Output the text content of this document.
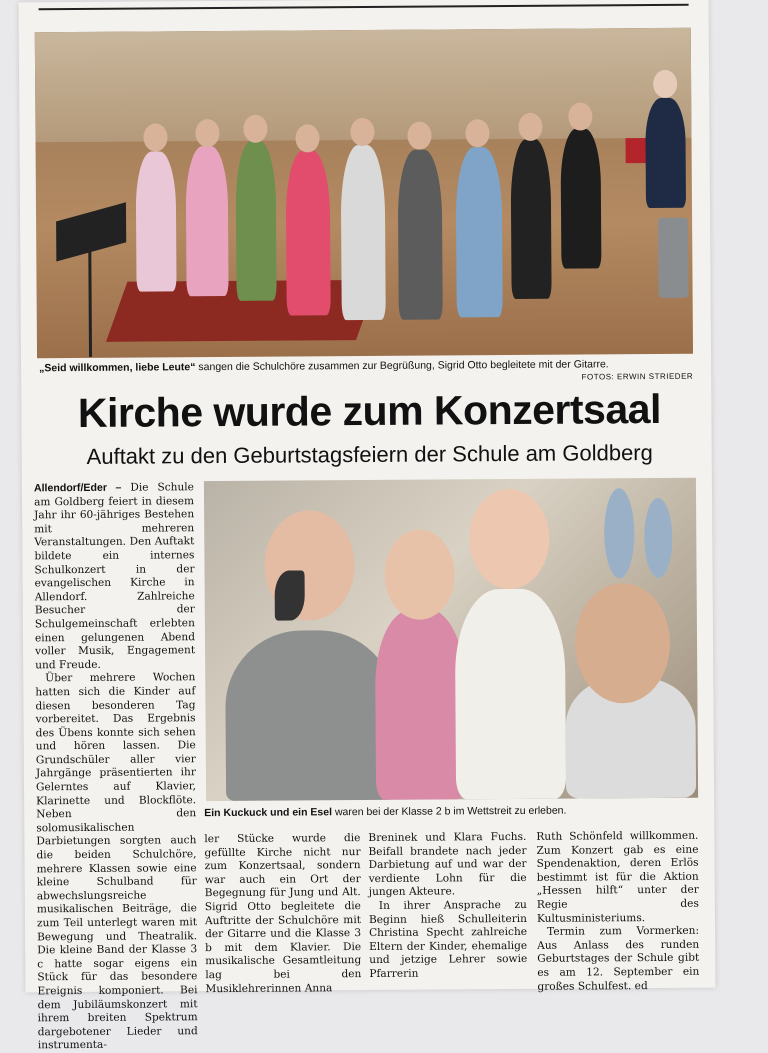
„Seid willkommen, liebe Leute“ sangen die Schulchöre zusammen zur Begrüßung, Sigrid Otto begleitete mit der Gitarre.
FOTOS: ERWIN STRIEDER
Kirche wurde zum Konzertsaal
Auftakt zu den Geburtstagsfeiern der Schule am Goldberg

Allendorf/Eder – Die Schule am Goldberg feiert in diesem Jahr ihr 60-jähriges Bestehen mit mehreren Veranstaltungen. Den Auftakt bildete ein internes Schulkonzert in der evangelischen Kirche in Allendorf. Zahlreiche Besucher der Schulgemeinschaft erlebten einen gelungenen Abend voller Musik, Engagement und Freude.

Über mehrere Wochen hatten sich die Kinder auf diesen besonderen Tag vorbereitet. Das Ergebnis des Übens konnte sich sehen und hören lassen. Die Grundschüler aller vier Jahrgänge präsentierten ihr Gelerntes auf Klavier, Klarinette und Blockflöte. Neben den solomusikalischen Darbietungen sorgten auch die beiden Schulchöre, mehrere Klassen sowie eine kleine Schulband für abwechslungsreiche musikalischen Beiträge, die zum Teil unterlegt waren mit Bewegung und Theatralik. Die kleine Band der Klasse 3 c hatte sogar eigens ein Stück für das besondere Ereignis komponiert. Bei dem Jubiläumskonzert mit ihrem breiten Spektrum dargebotener Lieder und instrumenta-

Ein Kuckuck und ein Esel waren bei der Klasse 2 b im Wettstreit zu erleben.

ler Stücke wurde die gefüllte Kirche nicht nur zum Konzertsaal, sondern war auch ein Ort der Begegnung für Jung und Alt. Sigrid Otto begleitete die Auftritte der Schulchöre mit der Gitarre und die Klasse 3 b mit dem Klavier. Die musikalische Gesamtleitung lag bei den Musiklehrerinnen Anna

Breninek und Klara Fuchs. Beifall brandete nach jeder Darbietung auf und war der verdiente Lohn für die jungen Akteure.

In ihrer Ansprache zu Beginn hieß Schulleiterin Christina Specht zahlreiche Eltern der Kinder, ehemalige und jetzige Lehrer sowie Pfarrerin

Ruth Schönfeld willkommen. Zum Konzert gab es eine Spendenaktion, deren Erlös bestimmt ist für die Aktion „Hessen hilft“ unter der Regie des Kultusministeriums.

Termin zum Vormerken: Aus Anlass des runden Geburtstages der Schule gibt es am 12. September ein großes Schulfest. ed
